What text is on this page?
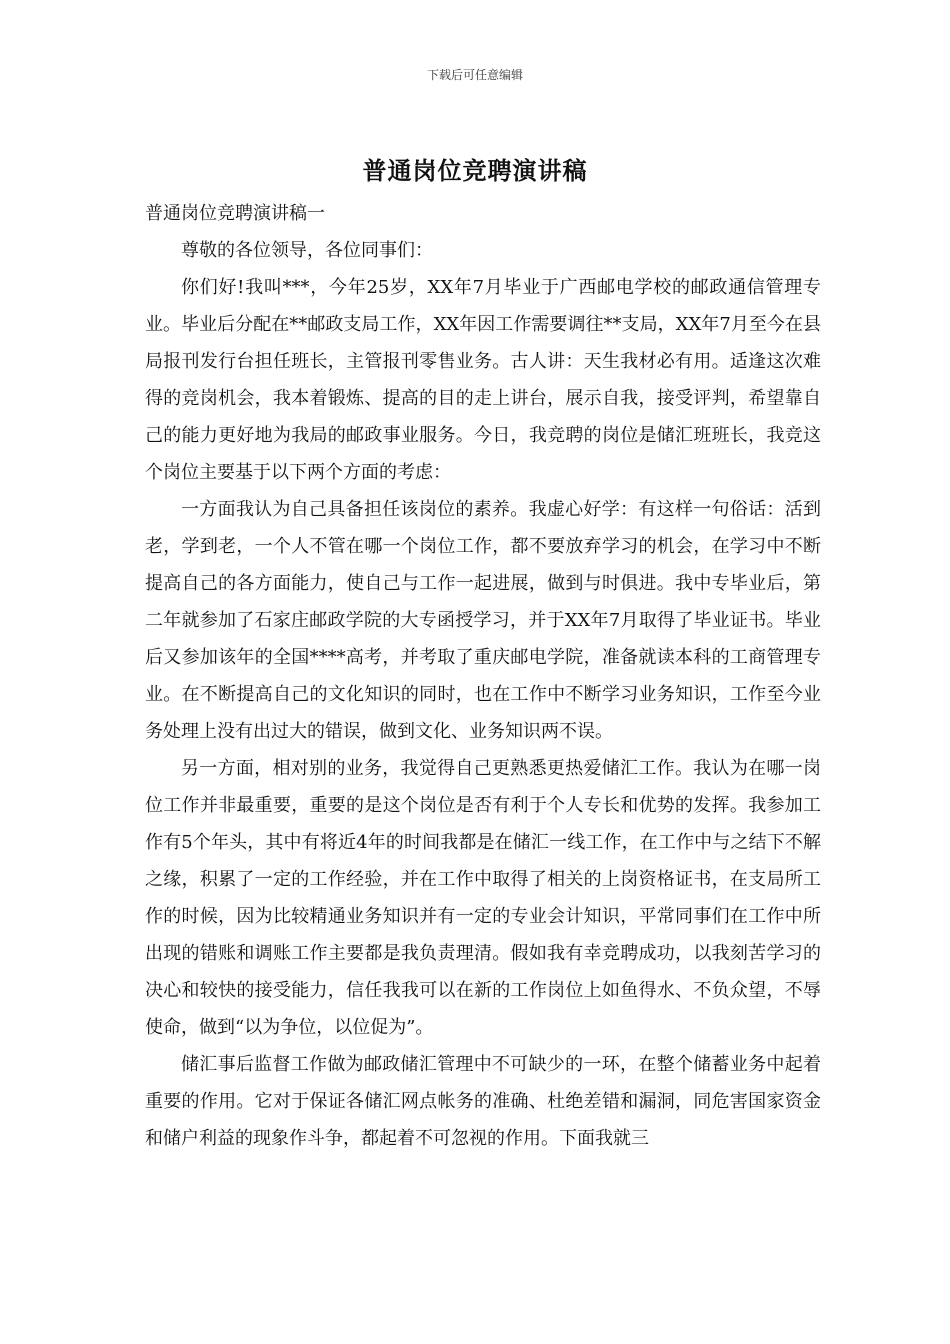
下载后可任意编辑
普通岗位竞聘演讲稿

普通岗位竞聘演讲稿一

尊敬的各位领导，各位同事们：

你们好!我叫***，今年25岁，XX年7月毕业于广西邮电学校的邮政通信管理专业。毕业后分配在**邮政支局工作，XX年因工作需要调往**支局，XX年7月至今在县局报刊发行台担任班长，主管报刊零售业务。古人讲：天生我材必有用。适逢这次难得的竞岗机会，我本着锻炼、提高的目的走上讲台，展示自我，接受评判，希望靠自己的能力更好地为我局的邮政事业服务。今日，我竞聘的岗位是储汇班班长，我竞这个岗位主要基于以下两个方面的考虑：

一方面我认为自己具备担任该岗位的素养。我虚心好学：有这样一句俗话：活到老，学到老，一个人不管在哪一个岗位工作，都不要放弃学习的机会，在学习中不断提高自己的各方面能力，使自己与工作一起进展，做到与时俱进。我中专毕业后，第二年就参加了石家庄邮政学院的大专函授学习，并于XX年7月取得了毕业证书。毕业后又参加该年的全国****高考，并考取了重庆邮电学院，准备就读本科的工商管理专业。在不断提高自己的文化知识的同时，也在工作中不断学习业务知识，工作至今业务处理上没有出过大的错误，做到文化、业务知识两不误。

另一方面，相对别的业务，我觉得自己更熟悉更热爱储汇工作。我认为在哪一岗位工作并非最重要，重要的是这个岗位是否有利于个人专长和优势的发挥。我参加工作有5个年头，其中有将近4年的时间我都是在储汇一线工作，在工作中与之结下不解之缘，积累了一定的工作经验，并在工作中取得了相关的上岗资格证书，在支局所工作的时候，因为比较精通业务知识并有一定的专业会计知识，平常同事们在工作中所出现的错账和调账工作主要都是我负责理清。假如我有幸竞聘成功，以我刻苦学习的决心和较快的接受能力，信任我我可以在新的工作岗位上如鱼得水、不负众望，不辱使命，做到“以为争位，以位促为”。

储汇事后监督工作做为邮政储汇管理中不可缺少的一环，在整个储蓄业务中起着重要的作用。它对于保证各储汇网点帐务的准确、杜绝差错和漏洞，同危害国家资金和储户利益的现象作斗争，都起着不可忽视的作用。下面我就三
